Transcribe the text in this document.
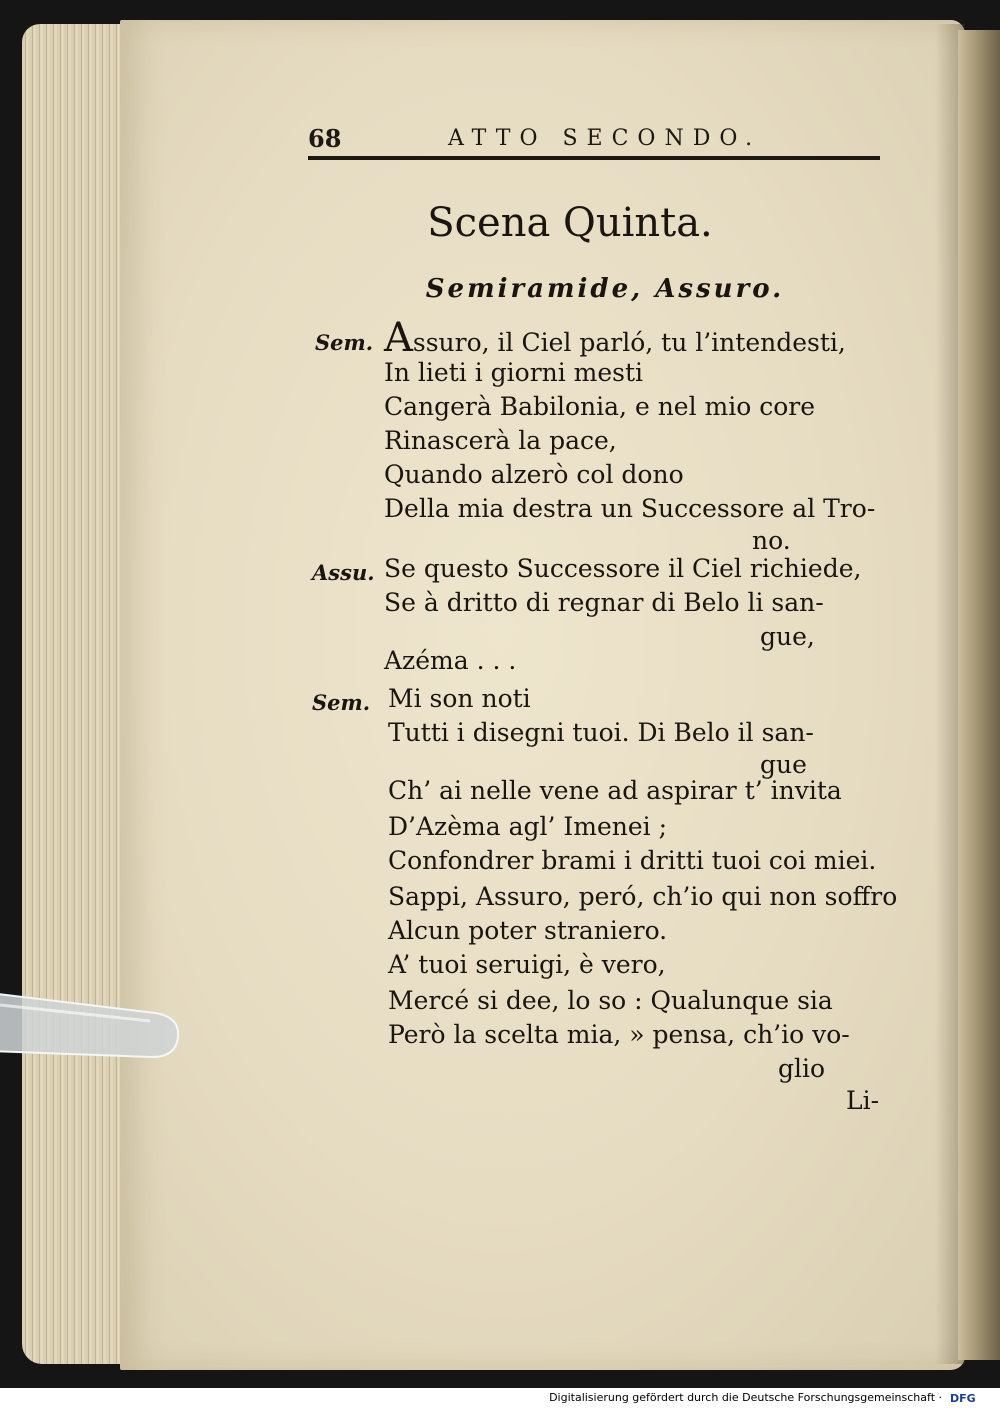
68	ATTO SECONDO.
Scena Quinta.
Semiramide, Assuro.
Sem. Assuro, il Ciel parló, tu l’intendesti,
In lieti i giorni mesti
Cangerà Babilonia, e nel mio core
Rinascerà la pace,
Quando alzerò col dono
Della mia destra un Successore al Tro-
no.
Assu. Se questo Successore il Ciel richiede,
Se à dritto di regnar di Belo li san-
gue,
Azéma . . .
Sem. Mi son noti
Tutti i disegni tuoi. Di Belo il san-
gue
Ch’ ai nelle vene ad aspirar t’ invita
D’Azèma agl’ Imenei ;
Confondrer brami i dritti tuoi coi miei.
Sappi, Assuro, peró, ch’io qui non soffro
Alcun poter straniero.
A’ tuoi seruigi, è vero,
Mercé si dee, lo so : Qualunque sia
Però la scelta mia, » pensa, ch’io vo-
glio
Li-
Digitalisierung gefördert durch die Deutsche Forschungsgemeinschaft · DFG
